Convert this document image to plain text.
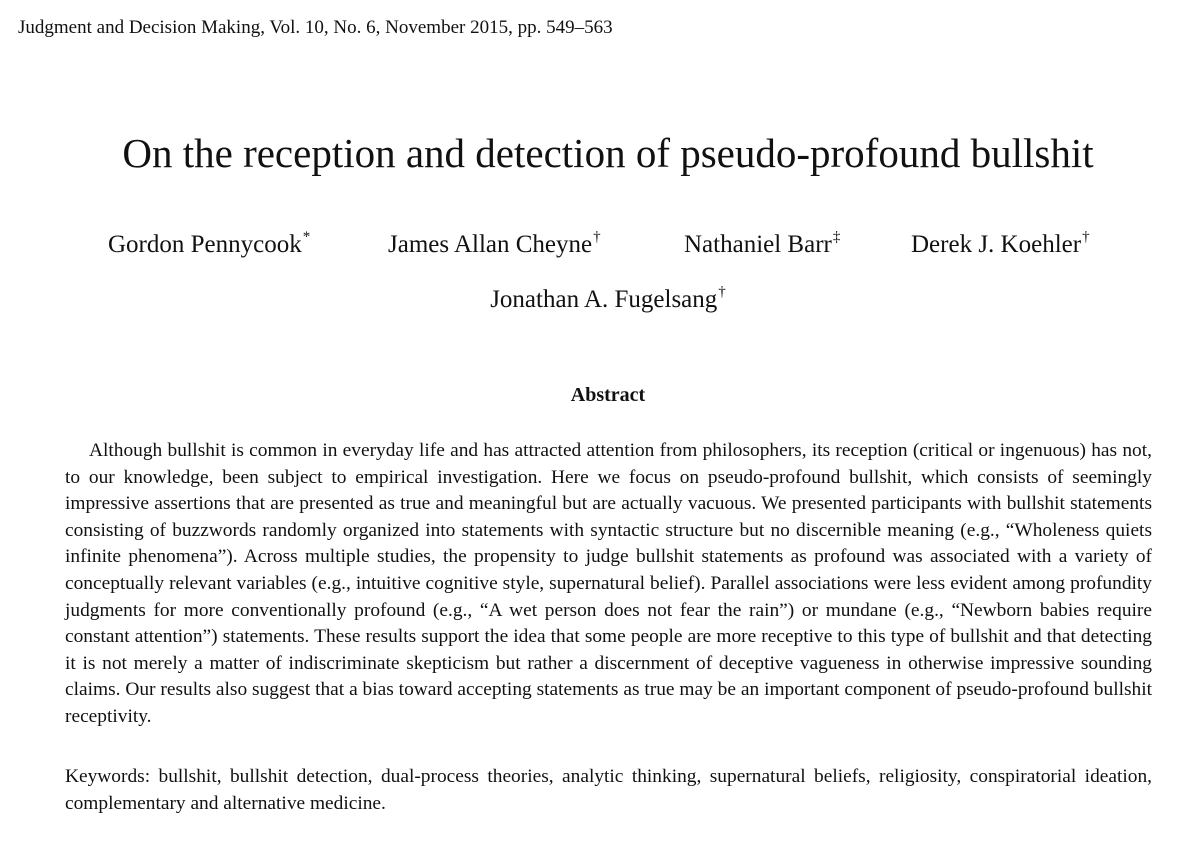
Judgment and Decision Making, Vol. 10, No. 6, November 2015, pp. 549–563
On the reception and detection of pseudo-profound bullshit
Gordon Pennycook*	James Allan Cheyne†	Nathaniel Barr‡	Derek J. Koehler†
Jonathan A. Fugelsang†
Abstract

Although bullshit is common in everyday life and has attracted attention from philosophers, its reception (critical or ingenuous) has not, to our knowledge, been subject to empirical investigation. Here we focus on pseudo-profound bullshit, which consists of seemingly impressive assertions that are presented as true and meaningful but are actually vacuous. We presented participants with bullshit statements consisting of buzzwords randomly organized into statements with syntactic structure but no discernible meaning (e.g., “Wholeness quiets infinite phenomena”). Across multiple studies, the propensity to judge bullshit statements as profound was associated with a variety of conceptually relevant variables (e.g., intuitive cognitive style, supernatural belief). Parallel associations were less evident among profundity judgments for more conventionally profound (e.g., “A wet person does not fear the rain”) or mundane (e.g., “Newborn babies require constant attention”) statements. These results support the idea that some people are more receptive to this type of bullshit and that detecting it is not merely a matter of indiscriminate skepticism but rather a discernment of deceptive vagueness in otherwise impressive sounding claims. Our results also suggest that a bias toward accepting statements as true may be an important component of pseudo-profound bullshit receptivity.

Keywords: bullshit, bullshit detection, dual-process theories, analytic thinking, supernatural beliefs, religiosity, conspiratorial ideation, complementary and alternative medicine.
